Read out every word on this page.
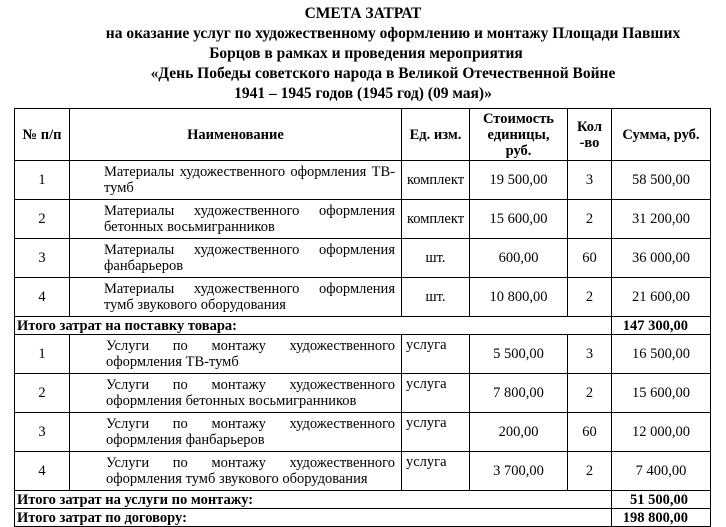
СМЕТА ЗАТРАТ
на оказание услуг по художественному оформлению и монтажу Площади Павших
Борцов в рамках и проведения мероприятия
«День Победы советского народа в Великой Отечественной Войне
1941 – 1945 годов (1945 год) (09 мая)»
№ п/п	Наименование	Ед. изм.	Стоимость единицы, руб.	Кол -во	Сумма, руб.
1	Материалы художественного оформления ТВ-тумб	комплект	19 500,00	3	58 500,00
2	Материалы художественного оформления бетонных восьмигранников	комплект	15 600,00	2	31 200,00
3	Материалы художественного оформления фанбарьеров	шт.	600,00	60	36 000,00
4	Материалы художественного оформления тумб звукового оборудования	шт.	10 800,00	2	21 600,00
Итого затрат на поставку товара:					147 300,00
1	Услуги по монтажу художественного оформления ТВ-тумб	услуга	5 500,00	3	16 500,00
2	Услуги по монтажу художественного оформления бетонных восьмигранников	услуга	7 800,00	2	15 600,00
3	Услуги по монтажу художественного оформления фанбарьеров	услуга	200,00	60	12 000,00
4	Услуги по монтажу художественного оформления тумб звукового оборудования	услуга	3 700,00	2	7 400,00
Итого затрат на услуги по монтажу:					51 500,00
Итого затрат по договору:					198 800,00
